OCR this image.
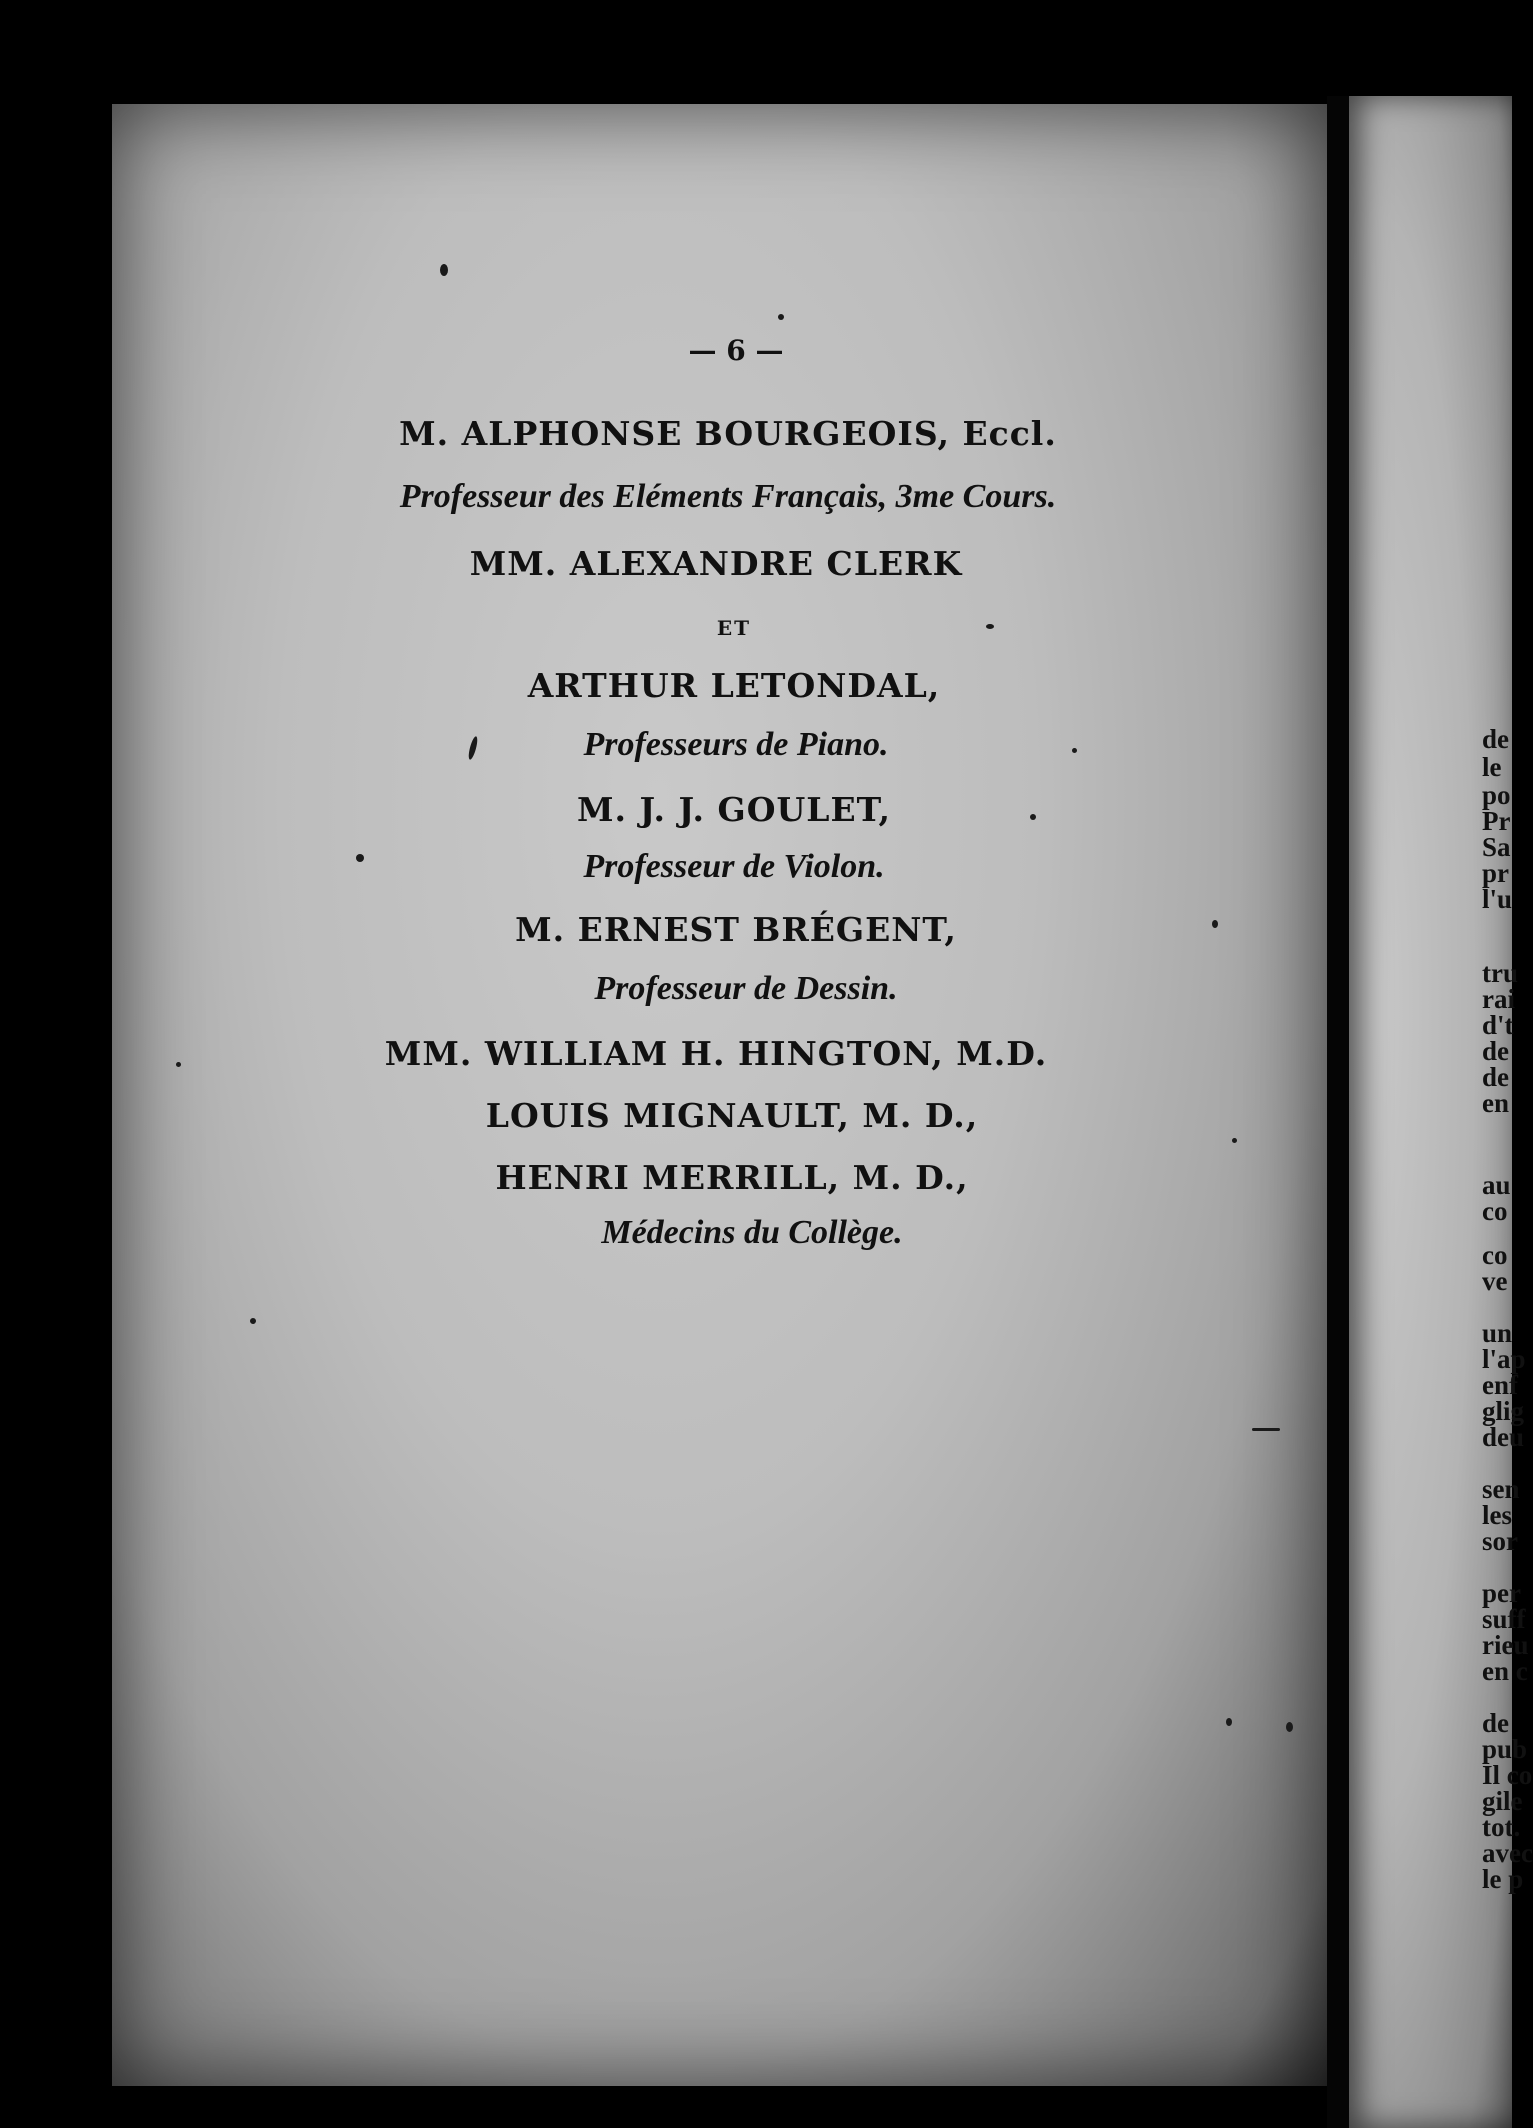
— 6 —
M. ALPHONSE BOURGEOIS, Eccl.
Professeur des Eléments Français, 3me Cours.
MM. ALEXANDRE CLERK
ET
ARTHUR LETONDAL,
Professeurs de Piano.
M. J. J. GOULET,
Professeur de Violon.
M. ERNEST BRÉGENT,
Professeur de Dessin.
MM. WILLIAM H. HINGTON, M.D.
LOUIS MIGNAULT, M. D.,
HENRI MERRILL, M. D.,
Médecins du Collège.
de
le
po
Pr
Sa
pr
l'u
tru
rai
d't
de
de
en
au
co
co
ve
un
l'ap
enf
glig
deu
sen
les
sor
per
suff
rieu
en c
de
pub
Il co
gile
tot.
avec
le p
